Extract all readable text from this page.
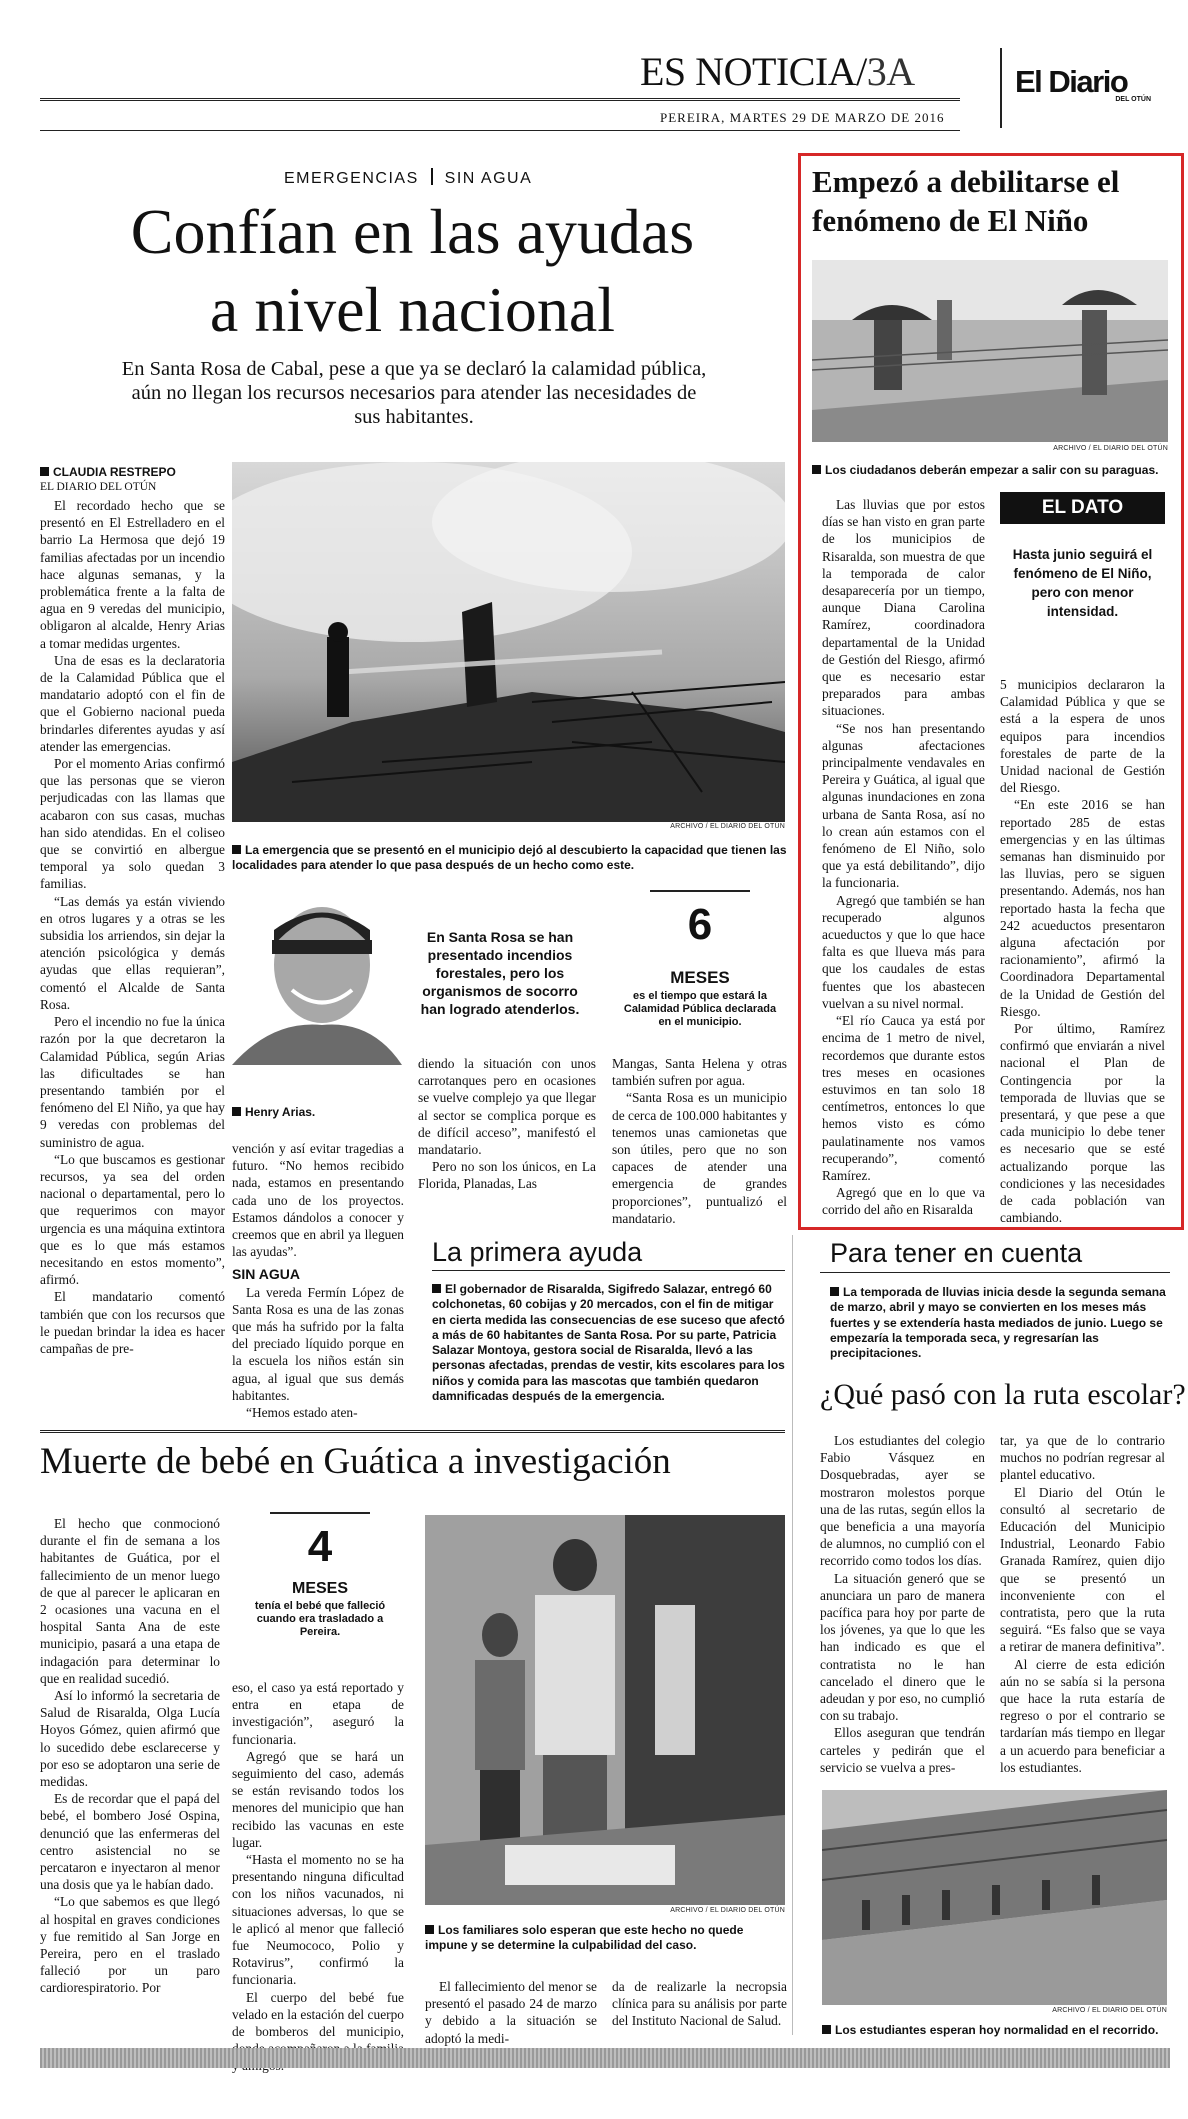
ES NOTICIA/3A	El Diario
DEL OTÚN
PEREIRA, MARTES 29 DE MARZO DE 2016
EMERGENCIAS SIN AGUA
Confían en las ayudas
a nivel nacional
En Santa Rosa de Cabal, pese a que ya se declaró la calamidad pública, aún no llegan los recursos necesarios para atender las necesidades de sus habitantes.
CLAUDIA RESTREPO
EL DIARIO DEL OTÚN

El recordado hecho que se presentó en El Estrelladero en el barrio La Hermosa que dejó 19 familias afectadas por un incendio hace algunas semanas, y la problemática frente a la falta de agua en 9 veredas del municipio, obligaron al alcalde, Henry Arias a tomar medidas urgentes.

Una de esas es la declaratoria de la Calamidad Pública que el mandatario adoptó con el fin de que el Gobierno nacional pueda brindarles diferentes ayudas y así atender las emergencias.

Por el momento Arias confirmó que las personas que se vieron perjudicadas con las llamas que acabaron con sus casas, muchas han sido atendidas. En el coliseo que se convirtió en albergue temporal ya solo quedan 3 familias.

“Las demás ya están viviendo en otros lugares y a otras se les subsidia los arriendos, sin dejar la atención psicológica y demás ayudas que ellas requieran”, comentó el Alcalde de Santa Rosa.

Pero el incendio no fue la única razón por la que decretaron la Calamidad Pública, según Arias las dificultades se han presentando también por el fenómeno del El Niño, ya que hay 9 veredas con problemas del suministro de agua.

“Lo que buscamos es gestionar recursos, ya sea del orden nacional o departamental, pero lo que requerimos con mayor urgencia es una máquina extintora que es lo que más estamos necesitando en estos momento”, afirmó.

El mandatario comentó también que con los recursos que le puedan brindar la idea es hacer campañas de pre-

ARCHIVO / EL DIARIO DEL OTÚN
La emergencia que se presentó en el municipio dejó al descubierto la capacidad que tienen las localidades para atender lo que pasa después de un hecho como este.
Henry Arias.
En Santa Rosa se han presentado incendios forestales, pero los organismos de socorro han logrado atenderlos.
6
MESES
es el tiempo que estará la Calamidad Pública declarada en el municipio.

vención y así evitar tragedias a futuro. “No hemos recibido nada, estamos en presentando cada uno de los proyectos. Estamos dándolos a conocer y creemos que en abril ya lleguen las ayudas”.

SIN AGUA

La vereda Fermín López de Santa Rosa es una de las zonas que más ha sufrido por la falta del preciado líquido porque en la escuela los niños están sin agua, al igual que sus demás habitantes.

“Hemos estado aten-

diendo la situación con unos carrotanques pero en ocasiones se vuelve complejo ya que llegar al sector se complica porque es de difícil acceso”, manifestó el mandatario.

Pero no son los únicos, en La Florida, Planadas, Las

Mangas, Santa Helena y otras también sufren por agua.

“Santa Rosa es un municipio de cerca de 100.000 habitantes y tenemos unas camionetas que son útiles, pero que no son capaces de atender una emergencia de grandes proporciones”, puntualizó el mandatario.

La primera ayuda
El gobernador de Risaralda, Sigifredo Salazar, entregó 60 colchonetas, 60 cobijas y 20 mercados, con el fin de mitigar en cierta medida las consecuencias de ese suceso que afectó a más de 60 habitantes de Santa Rosa. Por su parte, Patricia Salazar Montoya, gestora social de Risaralda, llevó a las personas afectadas, prendas de vestir, kits escolares para los niños y comida para las mascotas que también quedaron damnificadas después de la emergencia.
Empezó a debilitarse el fenómeno de El Niño
ARCHIVO / EL DIARIO DEL OTÚN
Los ciudadanos deberán empezar a salir con su paraguas.

Las lluvias que por estos días se han visto en gran parte de los municipios de Risaralda, son muestra de que la temporada de calor desaparecería por un tiempo, aunque Diana Carolina Ramírez, coordinadora departamental de la Unidad de Gestión del Riesgo, afirmó que es necesario estar preparados para ambas situaciones.

“Se nos han presentando algunas afectaciones principalmente vendavales en Pereira y Guática, al igual que algunas inundaciones en zona urbana de Santa Rosa, así no lo crean aún estamos con el fenómeno de El Niño, solo que ya está debilitando”, dijo la funcionaria.

Agregó que también se han recuperado algunos acueductos y que lo que hace falta es que llueva más para que los caudales de estas fuentes que los abastecen vuelvan a su nivel normal.

“El río Cauca ya está por encima de 1 metro de nivel, recordemos que durante estos tres meses en ocasiones estuvimos en tan solo 18 centímetros, entonces lo que hemos visto es cómo paulatinamente nos vamos recuperando”, comentó Ramírez.

Agregó que en lo que va corrido del año en Risaralda

EL DATO
Hasta junio seguirá el fenómeno de El Niño, pero con menor intensidad.

5 municipios declararon la Calamidad Pública y que se está a la espera de unos equipos para incendios forestales de parte de la Unidad nacional de Gestión del Riesgo.

“En este 2016 se han reportado 285 de estas emergencias y en las últimas semanas han disminuido por las lluvias, pero se siguen presentando. Además, nos han reportado hasta la fecha que 242 acueductos presentaron alguna afectación por racionamiento”, afirmó la Coordinadora Departamental de la Unidad de Gestión del Riesgo.

Por último, Ramírez confirmó que enviarán a nivel nacional el Plan de Contingencia por la temporada de lluvias que se presentará, y que pese a que cada municipio lo debe tener es necesario que se esté actualizando porque las condiciones y las necesidades de cada población van cambiando.

Para tener en cuenta
La temporada de lluvias inicia desde la segunda semana de marzo, abril y mayo se convierten en los meses más fuertes y se extendería hasta mediados de junio. Luego se empezaría la temporada seca, y regresarían las precipitaciones.
¿Qué pasó con la ruta escolar?

Los estudiantes del colegio Fabio Vásquez en Dosquebradas, ayer se mostraron molestos porque una de las rutas, según ellos la que beneficia a una mayoría de alumnos, no cumplió con el recorrido como todos los días.

La situación generó que se anunciara un paro de manera pacífica para hoy por parte de los jóvenes, ya que lo que les han indicado es que el contratista no le han cancelado el dinero que le adeudan y por eso, no cumplió con su trabajo.

Ellos aseguran que tendrán carteles y pedirán que el servicio se vuelva a pres-

tar, ya que de lo contrario muchos no podrían regresar al plantel educativo.

El Diario del Otún le consultó al secretario de Educación del Municipio Industrial, Leonardo Fabio Granada Ramírez, quien dijo que se presentó un inconveniente con el contratista, pero que la ruta seguirá. “Es falso que se vaya a retirar de manera definitiva”.

Al cierre de esta edición aún no se sabía si la persona que hace la ruta estaría de regreso o por el contrario se tardarían más tiempo en llegar a un acuerdo para beneficiar a los estudiantes.

ARCHIVO / EL DIARIO DEL OTÚN
Los estudiantes esperan hoy normalidad en el recorrido.
Muerte de bebé en Guática a investigación

El hecho que conmocionó durante el fin de semana a los habitantes de Guática, por el fallecimiento de un menor luego de que al parecer le aplicaran en 2 ocasiones una vacuna en el hospital Santa Ana de este municipio, pasará a una etapa de indagación para determinar lo que en realidad sucedió.

Así lo informó la secretaria de Salud de Risaralda, Olga Lucía Hoyos Gómez, quien afirmó que lo sucedido debe esclarecerse y por eso se adoptaron una serie de medidas.

Es de recordar que el papá del bebé, el bombero José Ospina, denunció que las enfermeras del centro asistencial no se percataron e inyectaron al menor una dosis que ya le habían dado.

“Lo que sabemos es que llegó al hospital en graves condiciones y fue remitido al San Jorge en Pereira, pero en el traslado falleció por un paro cardiorespiratorio. Por

4
MESES
tenía el bebé que falleció cuando era trasladado a Pereira.

eso, el caso ya está reportado y entra en etapa de investigación”, aseguró la funcionaria.

Agregó que se hará un seguimiento del caso, además se están revisando todos los menores del municipio que han recibido las vacunas en este lugar.

“Hasta el momento no se ha presentando ninguna dificultad con los niños vacunados, ni situaciones adversas, lo que se le aplicó al menor que falleció fue Neumococo, Polio y Rotavirus”, confirmó la funcionaria.

El cuerpo del bebé fue velado en la estación del cuerpo de bomberos del municipio,

ARCHIVO / EL DIARIO DEL OTÚN
Los familiares solo esperan que este hecho no quede impune y se determine la culpabilidad del caso.

El fallecimiento del menor se presentó el pasado 24 de marzo y debido a la situación se adoptó la medi-

da de realizarle la necropsia clínica para su análisis por parte del Instituto Nacional de Salud.
